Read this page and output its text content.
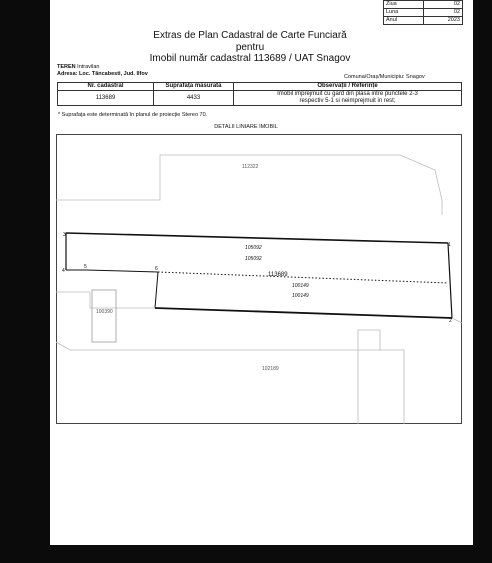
Ziua	02
Luna	02
Anul	2023
Extras de Plan Cadastral de Carte Funciară
pentru
Imobil număr cadastral 113689 / UAT Snagov
TEREN Intravilan
Adresa: Loc. Tâncabesti, Jud. Ilfov	Comuna/Oraș/Municipiu: Snagov
Nr. cadastral	Suprafața măsurată	Observații / Referințe
113689	4433	Imobil imprejmuit cu gard din plasa intre punctele 2-3
respectiv 5-1 si neimprejmuit in rest;
* Suprafața este determinată în planul de proiecție Stereo 70.
DETALII LINIARE IMOBIL
112322
105092
105092
113689
100149
100149
100390
102189
3
1
4
5	6
2
